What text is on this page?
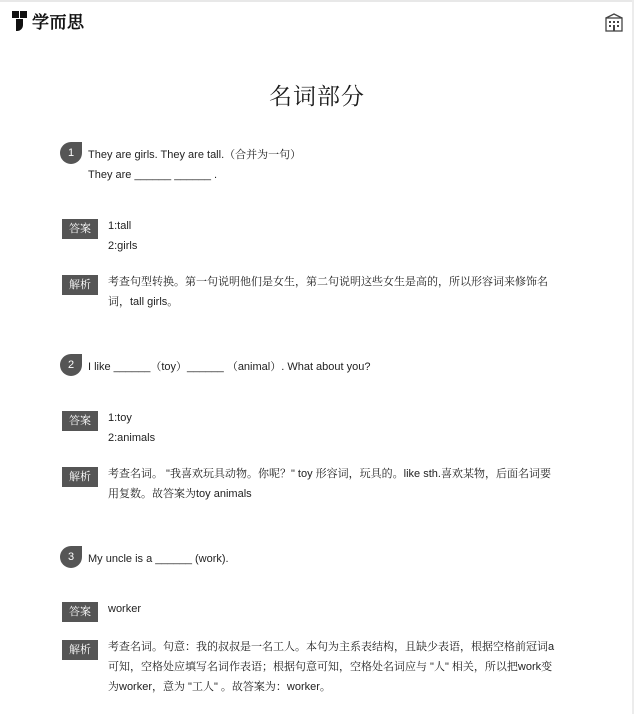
学而思
名词部分
1	They are girls. They are tall.（合并为一句）
They are ______ ______ .
答案	1:tall
2:girls
解析	考查句型转换。第一句说明他们是女生，第二句说明这些女生是高的，所以形容词来修饰名
词，tall girls。
2	I like ______（toy）______ （animal）. What about you?
答案	1:toy
2:animals
解析	考查名词。 "我喜欢玩具动物。你呢？" toy 形容词，玩具的。like sth.喜欢某物，后面名词要
用复数。故答案为toy animals
3	My uncle is a ______ (work).
答案	worker
解析	考查名词。句意：我的叔叔是一名工人。本句为主系表结构，且缺少表语，根据空格前冠词a
可知，空格处应填写名词作表语；根据句意可知，空格处名词应与 "人" 相关，所以把work变
为worker，意为 "工人" 。故答案为：worker。
